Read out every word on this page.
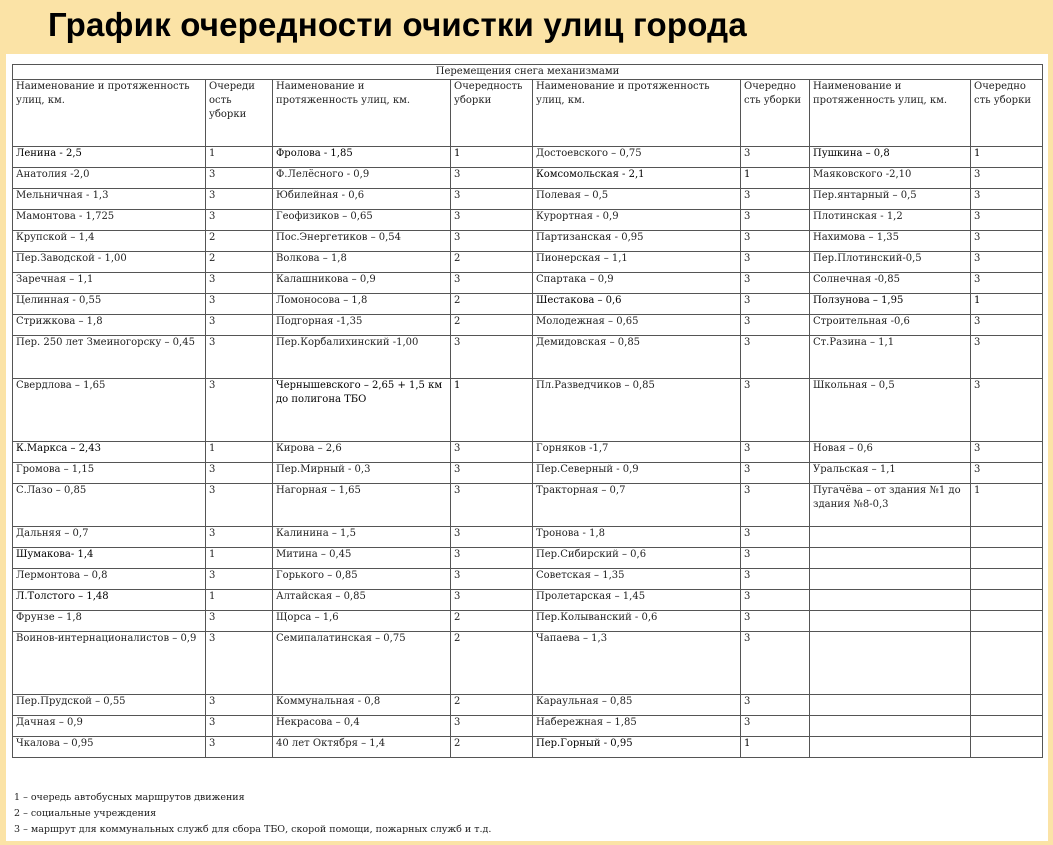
График очередности очистки улиц города
Перемещения снега механизмами							
Наименование и протяженность улиц, км.	Очереди ость уборки	Наименование и протяженность улиц, км.	Очередность уборки	Наименование и протяженность улиц, км.	Очередно сть уборки	Наименование и протяженность улиц, км.	Очередно сть уборки
Ленина - 2,5	1	Фролова - 1,85	1	Достоевского – 0,75	3	Пушкина – 0,8	1
Анатолия -2,0	3	Ф.Лелёсного - 0,9	3	Комсомольская - 2,1	1	Маяковского -2,10	3
Мельничная - 1,3	3	Юбилейная - 0,6	3	Полевая – 0,5	3	Пер.янтарный – 0,5	3
Мамонтова - 1,725	3	Геофизиков – 0,65	3	Курортная - 0,9	3	Плотинская - 1,2	3
Крупской – 1,4	2	Пос.Энергетиков – 0,54	3	Партизанская - 0,95	3	Нахимова – 1,35	3
Пер.Заводской - 1,00	2	Волкова – 1,8	2	Пионерская – 1,1	3	Пер.Плотинский-0,5	3
Заречная – 1,1	3	Калашникова – 0,9	3	Спартака – 0,9	3	Солнечная -0,85	3
Целинная - 0,55	3	Ломоносова – 1,8	2	Шестакова – 0,6	3	Ползунова – 1,95	1
Стрижкова – 1,8	3	Подгорная -1,35	2	Молодежная – 0,65	3	Строительная -0,6	3
Пер. 250 лет Змеиногорску – 0,45	3	Пер.Корбалихинский -1,00	3	Демидовская – 0,85	3	Ст.Разина – 1,1	3
Свердлова – 1,65	3	Чернышевского – 2,65 + 1,5 км до полигона ТБО	1	Пл.Разведчиков – 0,85	3	Школьная – 0,5	3
К.Маркса – 2,43	1	Кирова – 2,6	3	Горняков -1,7	3	Новая – 0,6	3
Громова – 1,15	3	Пер.Мирный - 0,3	3	Пер.Северный - 0,9	3	Уральская – 1,1	3
С.Лазо – 0,85	3	Нагорная – 1,65	3	Тракторная – 0,7	3	Пугачёва – от здания №1 до здания №8-0,3	1
Дальняя – 0,7	3	Калинина – 1,5	3	Тронова - 1,8	3		
Шумакова- 1,4	1	Митина – 0,45	3	Пер.Сибирский – 0,6	3		
Лермонтова – 0,8	3	Горького – 0,85	3	Советская – 1,35	3		
Л.Толстого – 1,48	1	Алтайская – 0,85	3	Пролетарская – 1,45	3		
Фрунзе – 1,8	3	Щорса – 1,6	2	Пер.Колыванский - 0,6	3		
Воинов-интернационалистов – 0,9	3	Семипалатинская – 0,75	2	Чапаева – 1,3	3		
Пер.Прудской – 0,55	3	Коммунальная - 0,8	2	Караульная – 0,85	3		
Дачная – 0,9	3	Некрасова – 0,4	3	Набережная – 1,85	3		
Чкалова – 0,95	3	40 лет Октября – 1,4	2	Пер.Горный - 0,95	1		
1 – очередь автобусных маршрутов движения
2 – социальные учреждения
3 – маршрут для коммунальных служб для сбора ТБО, скорой помощи, пожарных служб и т.д.
